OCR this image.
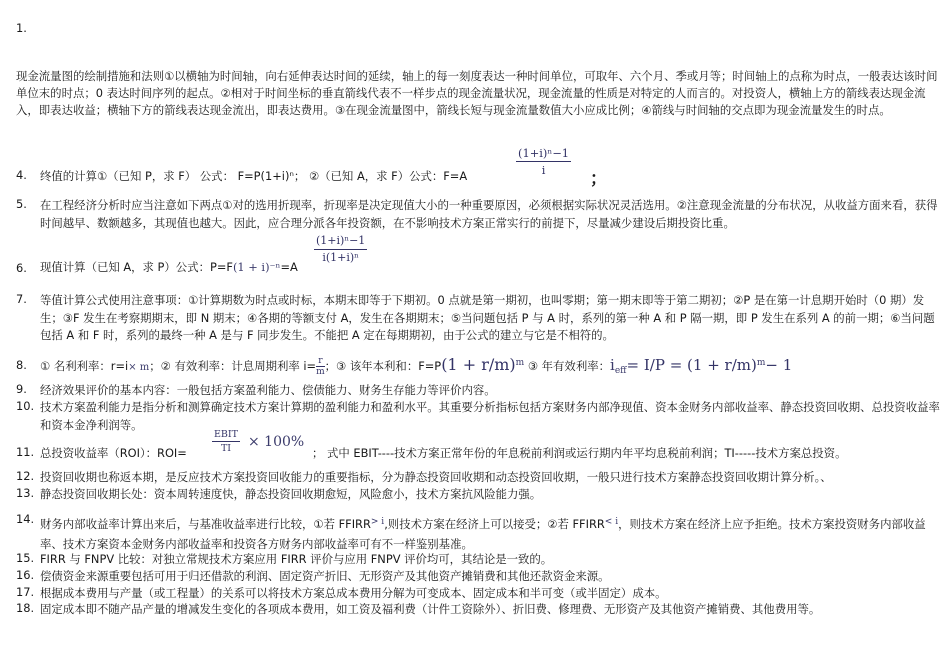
1.
现金流量图的绘制措施和法则①以横轴为时间轴，向右延伸表达时间的延续，轴上的每一刻度表达一种时间单位，可取年、六个月、季或月等；时间轴上的点称为时点，一般表达该时间单位末的时点；0 表达时间序列的起点。②相对于时间坐标的垂直箭线代表不一样步点的现金流量状况，现金流量的性质是对特定的人而言的。对投资人，横轴上方的箭线表达现金流入，即表达收益；横轴下方的箭线表达现金流出，即表达费用。③在现金流量图中，箭线长短与现金流量数值大小应成比例；④箭线与时间轴的交点即为现金流量发生的时点。
4. 终值的计算①（已知 P，求 F） 公式： F=P(1+i)ⁿ； ②（已知 A，求 F）公式：F=A	$\frac{\text{(1+i)ⁿ−1}}{i}$
；
5. 在工程经济分析时应当注意如下两点①对的选用折现率，折现率是决定现值大小的一种重要原因，必须根据实际状况灵活选用。②注意现金流量的分布状况，从收益方面来看，获得时间越早、数额越多，其现值也越大。因此，应合理分派各年投资额，在不影响技术方案正常实行的前提下，尽量减少建设后期投资比重。
6. 现值计算（已知 A，求 P）公式：P=F(1 + i)⁻ⁿ=A
$\frac{\text{(1+i)ⁿ−1}}{\text{i(1+i)ⁿ}}$
7. 等值计算公式使用注意事项：①计算期数为时点或时标，本期末即等于下期初。0 点就是第一期初，也叫零期；第一期末即等于第二期初；②P 是在第一计息期开始时（0 期）发生；③F 发生在考察期期末，即 N 期末；④各期的等额支付 A，发生在各期期末；⑤当问题包括 P 与 A 时，系列的第一种 A 和 P 隔一期，即 P 发生在系列 A 的前一期；⑥当问题包括 A 和 F 时，系列的最终一种 A 是与 F 同步发生。不能把 A 定在每期期初，由于公式的建立与它是不相符的。
8. ① 名利利率：r=i× m；② 有效利率：计息周期利率 $i= \frac{r}{m}$；③ 该年本利和：$F=P(1 + r/m)^m$ ③ 年有效利率：$i_{eff}= I/P = (1 + r/m)^m- 1$
9. 经济效果评价的基本内容：一般包括方案盈利能力、偿债能力、财务生存能力等评价内容。
10. 技术方案盈利能力是指分析和测算确定技术方案计算期的盈利能力和盈利水平。其重要分析指标包括方案财务内部净现值、资本金财务内部收益率、静态投资回收期、总投资收益率和资本金净利润等。
11. 总投资收益率（ROI）：ROI=
EBIT
TI	× 100%
； 式中 EBIT----技术方案正常年份的年息税前利润或运行期内年平均息税前利润；TI-----技术方案总投资。
12. 投资回收期也称返本期，是反应技术方案投资回收能力的重要指标，分为静态投资回收期和动态投资回收期，一般只进行技术方案静态投资回收期计算分析。、
13. 静态投资回收期长处：资本周转速度快，静态投资回收期愈短，风险愈小，技术方案抗风险能力强。
14. 财务内部收益率计算出来后，与基准收益率进行比较，①若 $FFIRR^{> i}$,则技术方案在经济上可以接受；②若 $FFIRR^{< i}$，则技术方案在经济上应予拒绝。技术方案投资财务内部收益率、技术方案资本金财务内部收益率和投资各方财务内部收益率可有不一样鉴别基准。
15. FIRR 与 FNPV 比较：对独立常规技术方案应用 FIRR 评价与应用 FNPV 评价均可，其结论是一致的。
16. 偿债资金来源重要包括可用于归还借款的利润、固定资产折旧、无形资产及其他资产摊销费和其他还款资金来源。
17. 根据成本费用与产量（或工程量）的关系可以将技术方案总成本费用分解为可变成本、固定成本和半可变（或半固定）成本。
18. 固定成本即不随产品产量的增减发生变化的各项成本费用，如工资及福利费（计件工资除外）、折旧费、修理费、无形资产及其他资产摊销费、其他费用等。
